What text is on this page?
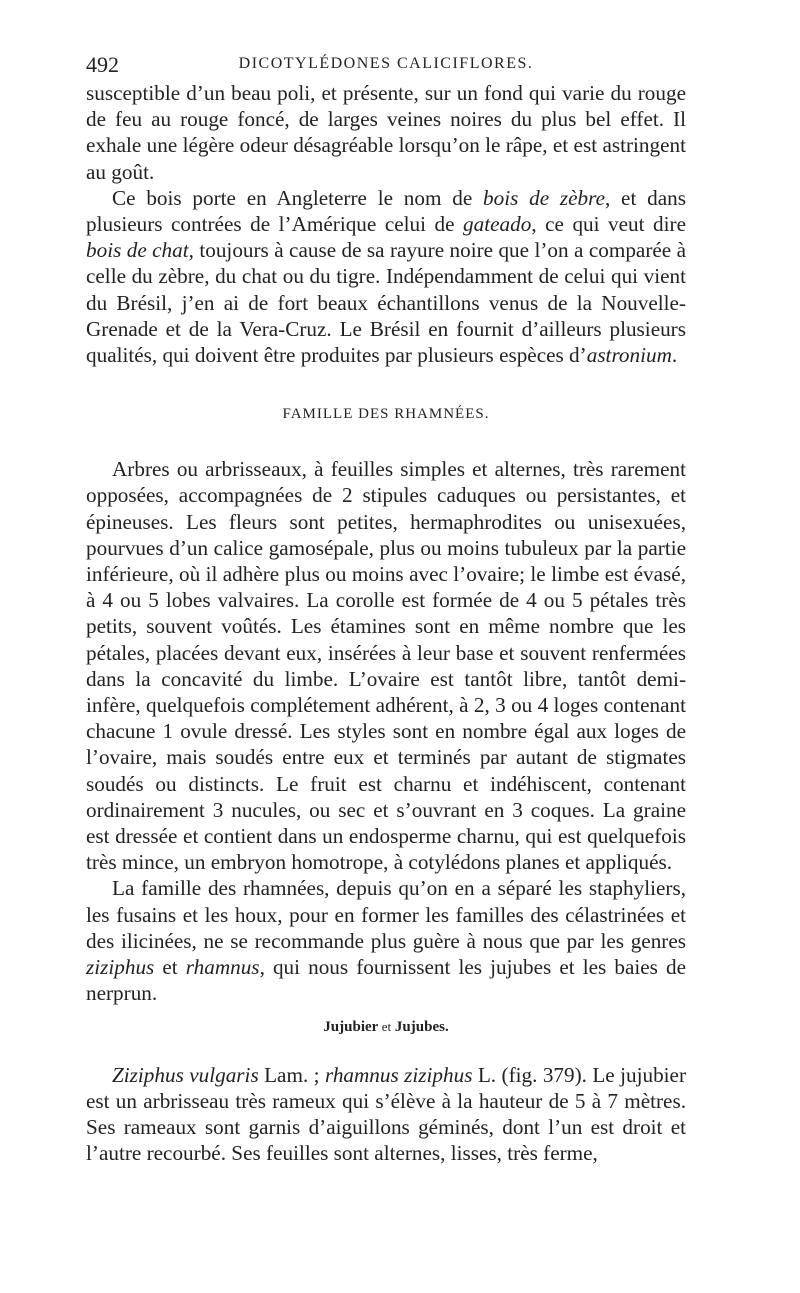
492	DICOTYLÉDONES CALICIFLORES.

susceptible d’un beau poli, et présente, sur un fond qui varie du rouge de feu au rouge foncé, de larges veines noires du plus bel effet. Il exhale une légère odeur désagréable lorsqu’on le râpe, et est astringent au goût.

Ce bois porte en Angleterre le nom de bois de zèbre, et dans plusieurs contrées de l’Amérique celui de gateado, ce qui veut dire bois de chat, toujours à cause de sa rayure noire que l’on a comparée à celle du zèbre, du chat ou du tigre. Indépendamment de celui qui vient du Brésil, j’en ai de fort beaux échantillons venus de la Nouvelle-Grenade et de la Vera-Cruz. Le Brésil en fournit d’ailleurs plusieurs qualités, qui doivent être produites par plusieurs espèces d’astronium.

FAMILLE DES RHAMNÉES.

Arbres ou arbrisseaux, à feuilles simples et alternes, très rarement opposées, accompagnées de 2 stipules caduques ou persistantes, et épineuses. Les fleurs sont petites, hermaphrodites ou unisexuées, pourvues d’un calice gamosépale, plus ou moins tubuleux par la partie inférieure, où il adhère plus ou moins avec l’ovaire; le limbe est évasé, à 4 ou 5 lobes valvaires. La corolle est formée de 4 ou 5 pétales très petits, souvent voûtés. Les étamines sont en même nombre que les pétales, placées devant eux, insérées à leur base et souvent renfermées dans la concavité du limbe. L’ovaire est tantôt libre, tantôt demi-infère, quelquefois complétement adhérent, à 2, 3 ou 4 loges contenant chacune 1 ovule dressé. Les styles sont en nombre égal aux loges de l’ovaire, mais soudés entre eux et terminés par autant de stigmates soudés ou distincts. Le fruit est charnu et indéhiscent, contenant ordinairement 3 nucules, ou sec et s’ouvrant en 3 coques. La graine est dressée et contient dans un endosperme charnu, qui est quelquefois très mince, un embryon homotrope, à cotylédons planes et appliqués.

La famille des rhamnées, depuis qu’on en a séparé les staphyliers, les fusains et les houx, pour en former les familles des célastrinées et des ilicinées, ne se recommande plus guère à nous que par les genres ziziphus et rhamnus, qui nous fournissent les jujubes et les baies de nerprun.

Jujubier et Jujubes.

Ziziphus vulgaris Lam. ; rhamnus ziziphus L. (fig. 379). Le jujubier est un arbrisseau très rameux qui s’élève à la hauteur de 5 à 7 mètres. Ses rameaux sont garnis d’aiguillons géminés, dont l’un est droit et l’autre recourbé. Ses feuilles sont alternes, lisses, très ferme,
